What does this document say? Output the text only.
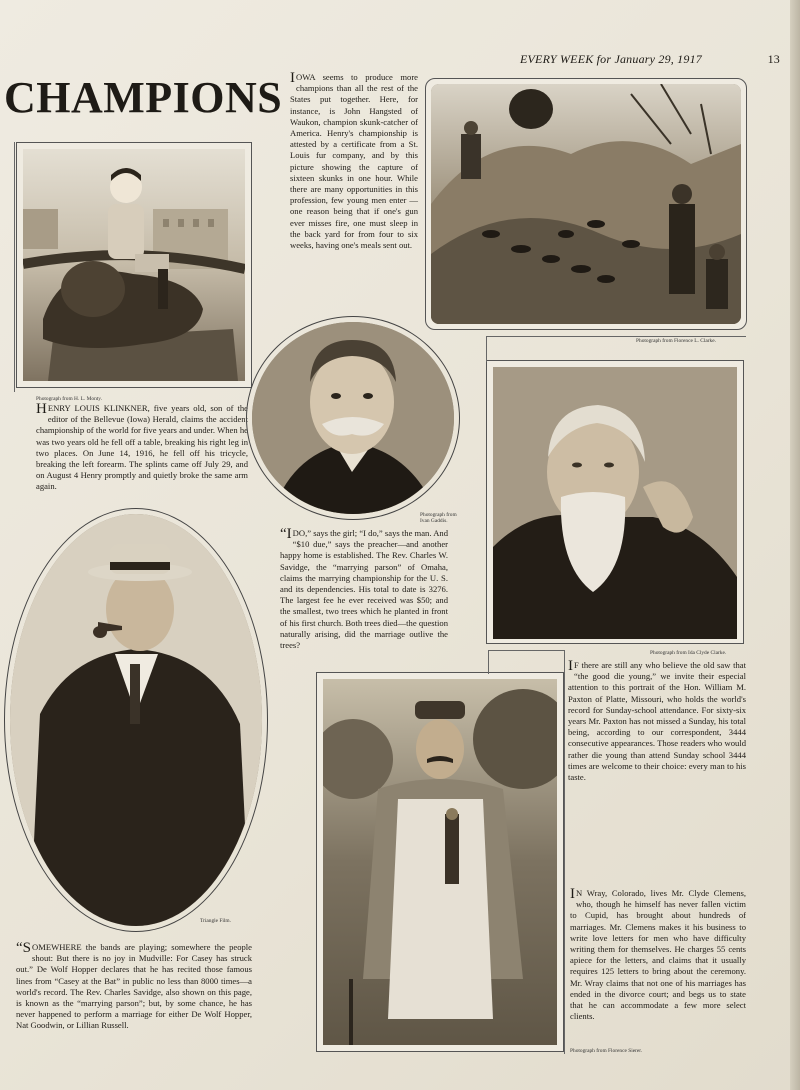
EVERY WEEK for January 29, 1917	13
CHAMPIONS IOWA seems to produce more champions than all the rest of the States put together. Here, for instance, is John Hangsted of Waukon, champion skunk-catcher of America. Henry's championship is attested by a certificate from a St. Louis fur company, and by this picture showing the capture of sixteen skunks in one hour. While there are many opportunities in this profession, few young men enter —one reason being that if one's gun ever misses fire, one must sleep in the back yard for from four to six weeks, having one's meals sent out.
Photograph from Florence L. Clarke.
Photograph from H. L. Monty.
HENRY LOUIS KLINKNER, five years old, son of the editor of the Bellevue (Iowa) Herald, claims the accident championship of the world for five years and under. When he was two years old he fell off a table, breaking his right leg in two places. On June 14, 1916, he fell off his tricycle, breaking the left forearm. The splints came off July 29, and on August 4 Henry promptly and quietly broke the same arm again.
Photograph from Ivan Gaddis.
“I DO,” says the girl; “I do,” says the man. And “$10 due,” says the preacher—and another happy home is established. The Rev. Charles W. Savidge, the “marrying parson” of Omaha, claims the marrying championship for the U. S. and its dependencies. His total to date is 3276. The largest fee he ever received was $50; and the smallest, two trees which he planted in front of his first church. Both trees died—the question naturally arising, did the marriage outlive the trees?
Photograph from Ida Clyde Clarke.
I F there are still any who believe the old saw that “the good die young,” we invite their especial attention to this portrait of the Hon. William M. Paxton of Platte, Missouri, who holds the world's record for Sunday-school attendance. For sixty-six years Mr. Paxton has not missed a Sunday, his total being, according to our correspondent, 3444 consecutive appearances. Those readers who would rather die young than attend Sunday school 3444 times are welcome to their choice: every man to his taste.
Triangle Film.
“SOMEWHERE the bands are playing; somewhere the people shout: But there is no joy in Mudville: For Casey has struck out.” De Wolf Hopper declares that he has recited those famous lines from “Casey at the Bat” in public no less than 8000 times—a world's record. The Rev. Charles Savidge, also shown on this page, is known as the “marrying parson”; but, by some chance, he has never happened to perform a marriage for either De Wolf Hopper, Nat Goodwin, or Lillian Russell.
Photograph from Florence Sierer.
I N Wray, Colorado, lives Mr. Clyde Clemens, who, though he himself has never fallen victim to Cupid, has brought about hundreds of marriages. Mr. Clemens makes it his business to write love letters for men who have difficulty writing them for themselves. He charges 55 cents apiece for the letters, and claims that it usually requires 125 letters to bring about the ceremony. Mr. Wray claims that not one of his marriages has ended in the divorce court; and begs us to state that he can accommodate a few more select clients.
